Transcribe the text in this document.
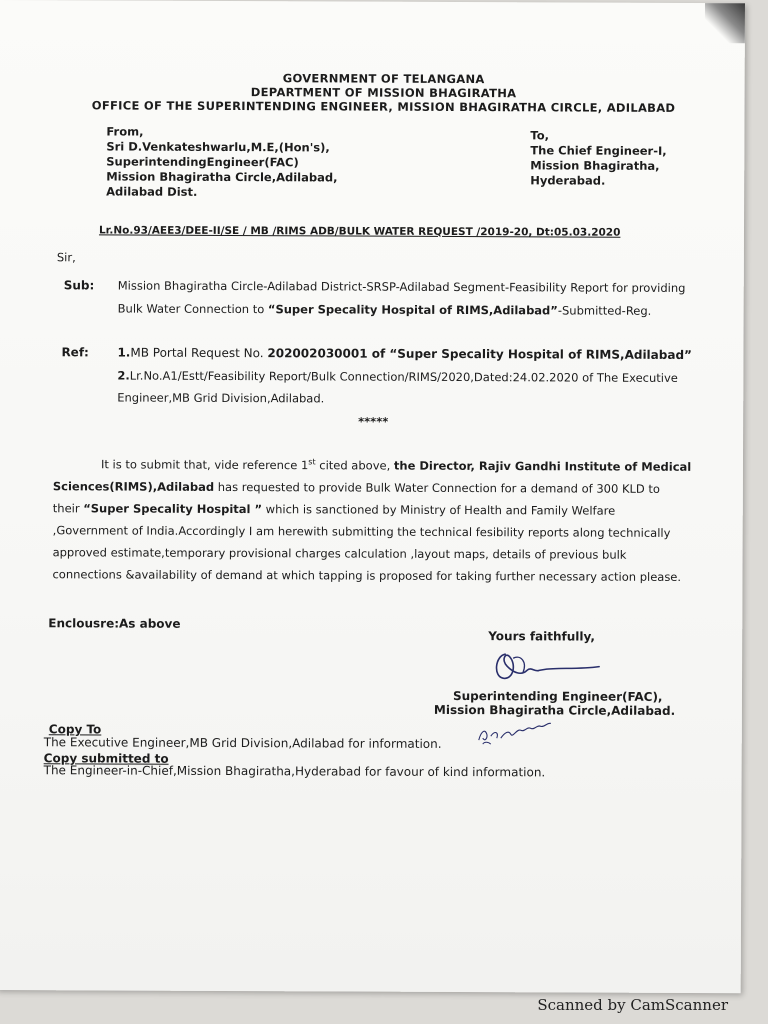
GOVERNMENT OF TELANGANA
DEPARTMENT OF MISSION BHAGIRATHA
OFFICE OF THE SUPERINTENDING ENGINEER, MISSION BHAGIRATHA CIRCLE, ADILABAD
From,
Sri D.Venkateshwarlu,M.E,(Hon's),
SuperintendingEngineer(FAC)
Mission Bhagiratha Circle,Adilabad,
Adilabad Dist.
To,
The Chief Engineer-I,
Mission Bhagiratha,
Hyderabad.
Lr.No.93/AEE3/DEE-II/SE / MB /RIMS ADB/BULK WATER REQUEST /2019-20, Dt:05.03.2020
Sir,
Sub: Mission Bhagiratha Circle-Adilabad District-SRSP-Adilabad Segment-Feasibility Report for providing
Bulk Water Connection to “Super Specality Hospital of RIMS,Adilabad”-Submitted-Reg.
Ref: 1.MB Portal Request No. 202002030001 of “Super Specality Hospital of RIMS,Adilabad”
2.Lr.No.A1/Estt/Feasibility Report/Bulk Connection/RIMS/2020,Dated:24.02.2020 of The Executive
Engineer,MB Grid Division,Adilabad.
*****
It is to submit that, vide reference 1st cited above, the Director, Rajiv Gandhi Institute of Medical
Sciences(RIMS),Adilabad has requested to provide Bulk Water Connection for a demand of 300 KLD to
their “Super Specality Hospital ” which is sanctioned by Ministry of Health and Family Welfare
,Government of India.Accordingly I am herewith submitting the technical fesibility reports along technically
approved estimate,temporary provisional charges calculation ,layout maps, details of previous bulk
connections &availability of demand at which tapping is proposed for taking further necessary action please.
Enclousre:As above
Yours faithfully,
Superintending Engineer(FAC),
Mission Bhagiratha Circle,Adilabad.
Copy To
The Executive Engineer,MB Grid Division,Adilabad for information.
Copy submitted to
The Engineer-in-Chief,Mission Bhagiratha,Hyderabad for favour of kind information.
Scanned by CamScanner
